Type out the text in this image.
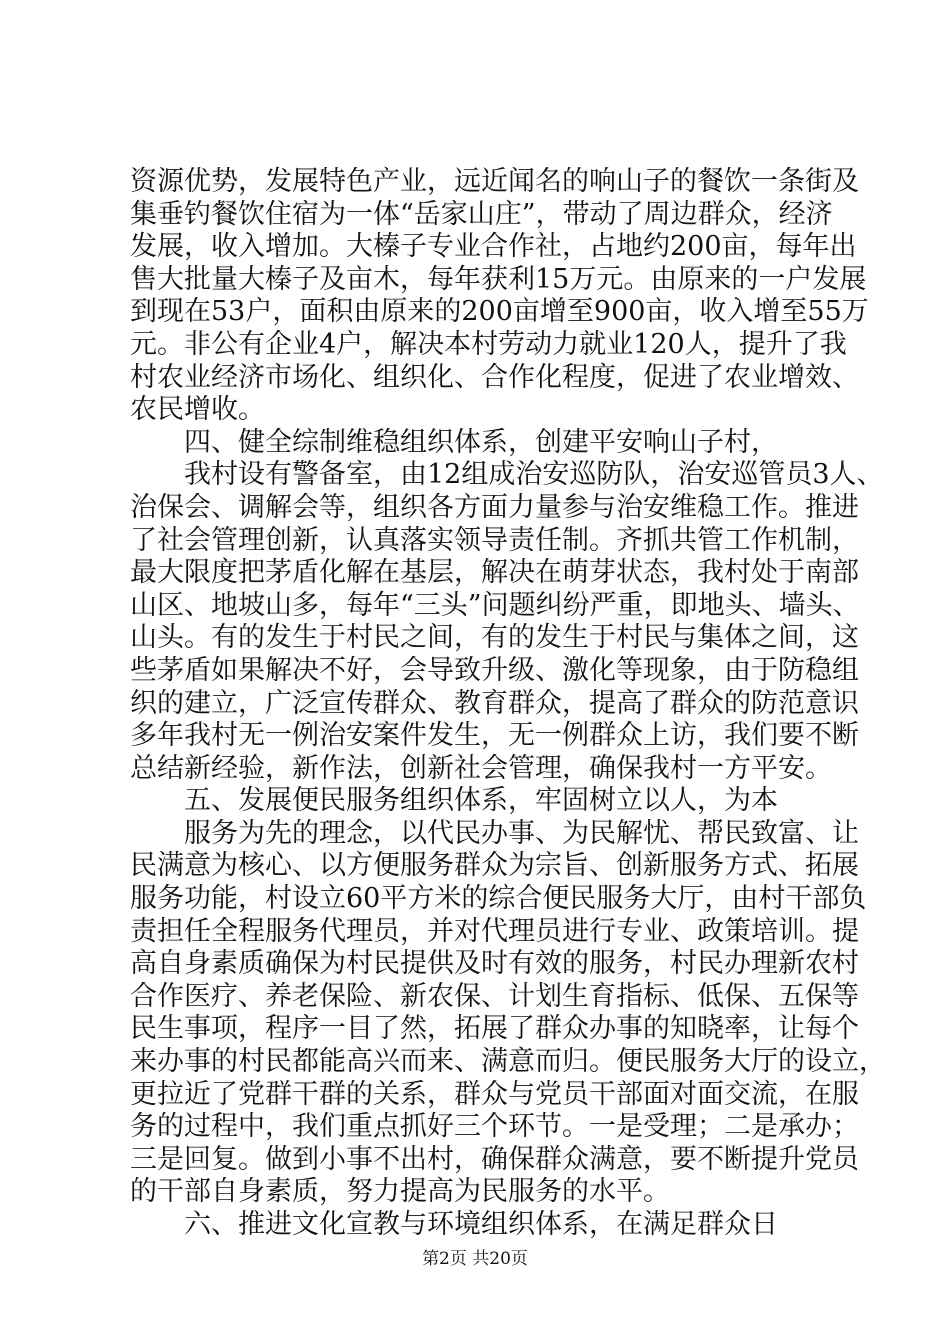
资源优势，发展特色产业，远近闻名的响山子的餐饮一条街及
集垂钓餐饮住宿为一体“岳家山庄”，带动了周边群众，经济
发展，收入增加。大榛子专业合作社，占地约200亩，每年出
售大批量大榛子及亩木，每年获利15万元。由原来的一户发展
到现在53户，面积由原来的200亩增至900亩，收入增至55万
元。非公有企业4户，解决本村劳动力就业120人，提升了我
村农业经济市场化、组织化、合作化程度，促进了农业增效、
农民增收。
四、健全综制维稳组织体系，创建平安响山子村，
我村设有警备室，由12组成治安巡防队，治安巡管员3人、
治保会、调解会等，组织各方面力量参与治安维稳工作。推进
了社会管理创新，认真落实领导责任制。齐抓共管工作机制，
最大限度把茅盾化解在基层，解决在萌芽状态，我村处于南部
山区、地坡山多，每年“三头”问题纠纷严重，即地头、墙头、
山头。有的发生于村民之间，有的发生于村民与集体之间，这
些茅盾如果解决不好，会导致升级、激化等现象，由于防稳组
织的建立，广泛宣传群众、教育群众，提高了群众的防范意识
多年我村无一例治安案件发生，无一例群众上访，我们要不断
总结新经验，新作法，创新社会管理，确保我村一方平安。
五、发展便民服务组织体系，牢固树立以人，为本
服务为先的理念，以代民办事、为民解忧、帮民致富、让
民满意为核心、以方便服务群众为宗旨、创新服务方式、拓展
服务功能，村设立60平方米的综合便民服务大厅，由村干部负
责担任全程服务代理员，并对代理员进行专业、政策培训。提
高自身素质确保为村民提供及时有效的服务，村民办理新农村
合作医疗、养老保险、新农保、计划生育指标、低保、五保等
民生事项，程序一目了然，拓展了群众办事的知晓率，让每个
来办事的村民都能高兴而来、满意而归。便民服务大厅的设立，
更拉近了党群干群的关系，群众与党员干部面对面交流，在服
务的过程中，我们重点抓好三个环节。一是受理；二是承办；
三是回复。做到小事不出村，确保群众满意，要不断提升党员
的干部自身素质，努力提高为民服务的水平。
六、推进文化宣教与环境组织体系，在满足群众日
第2页 共20页
